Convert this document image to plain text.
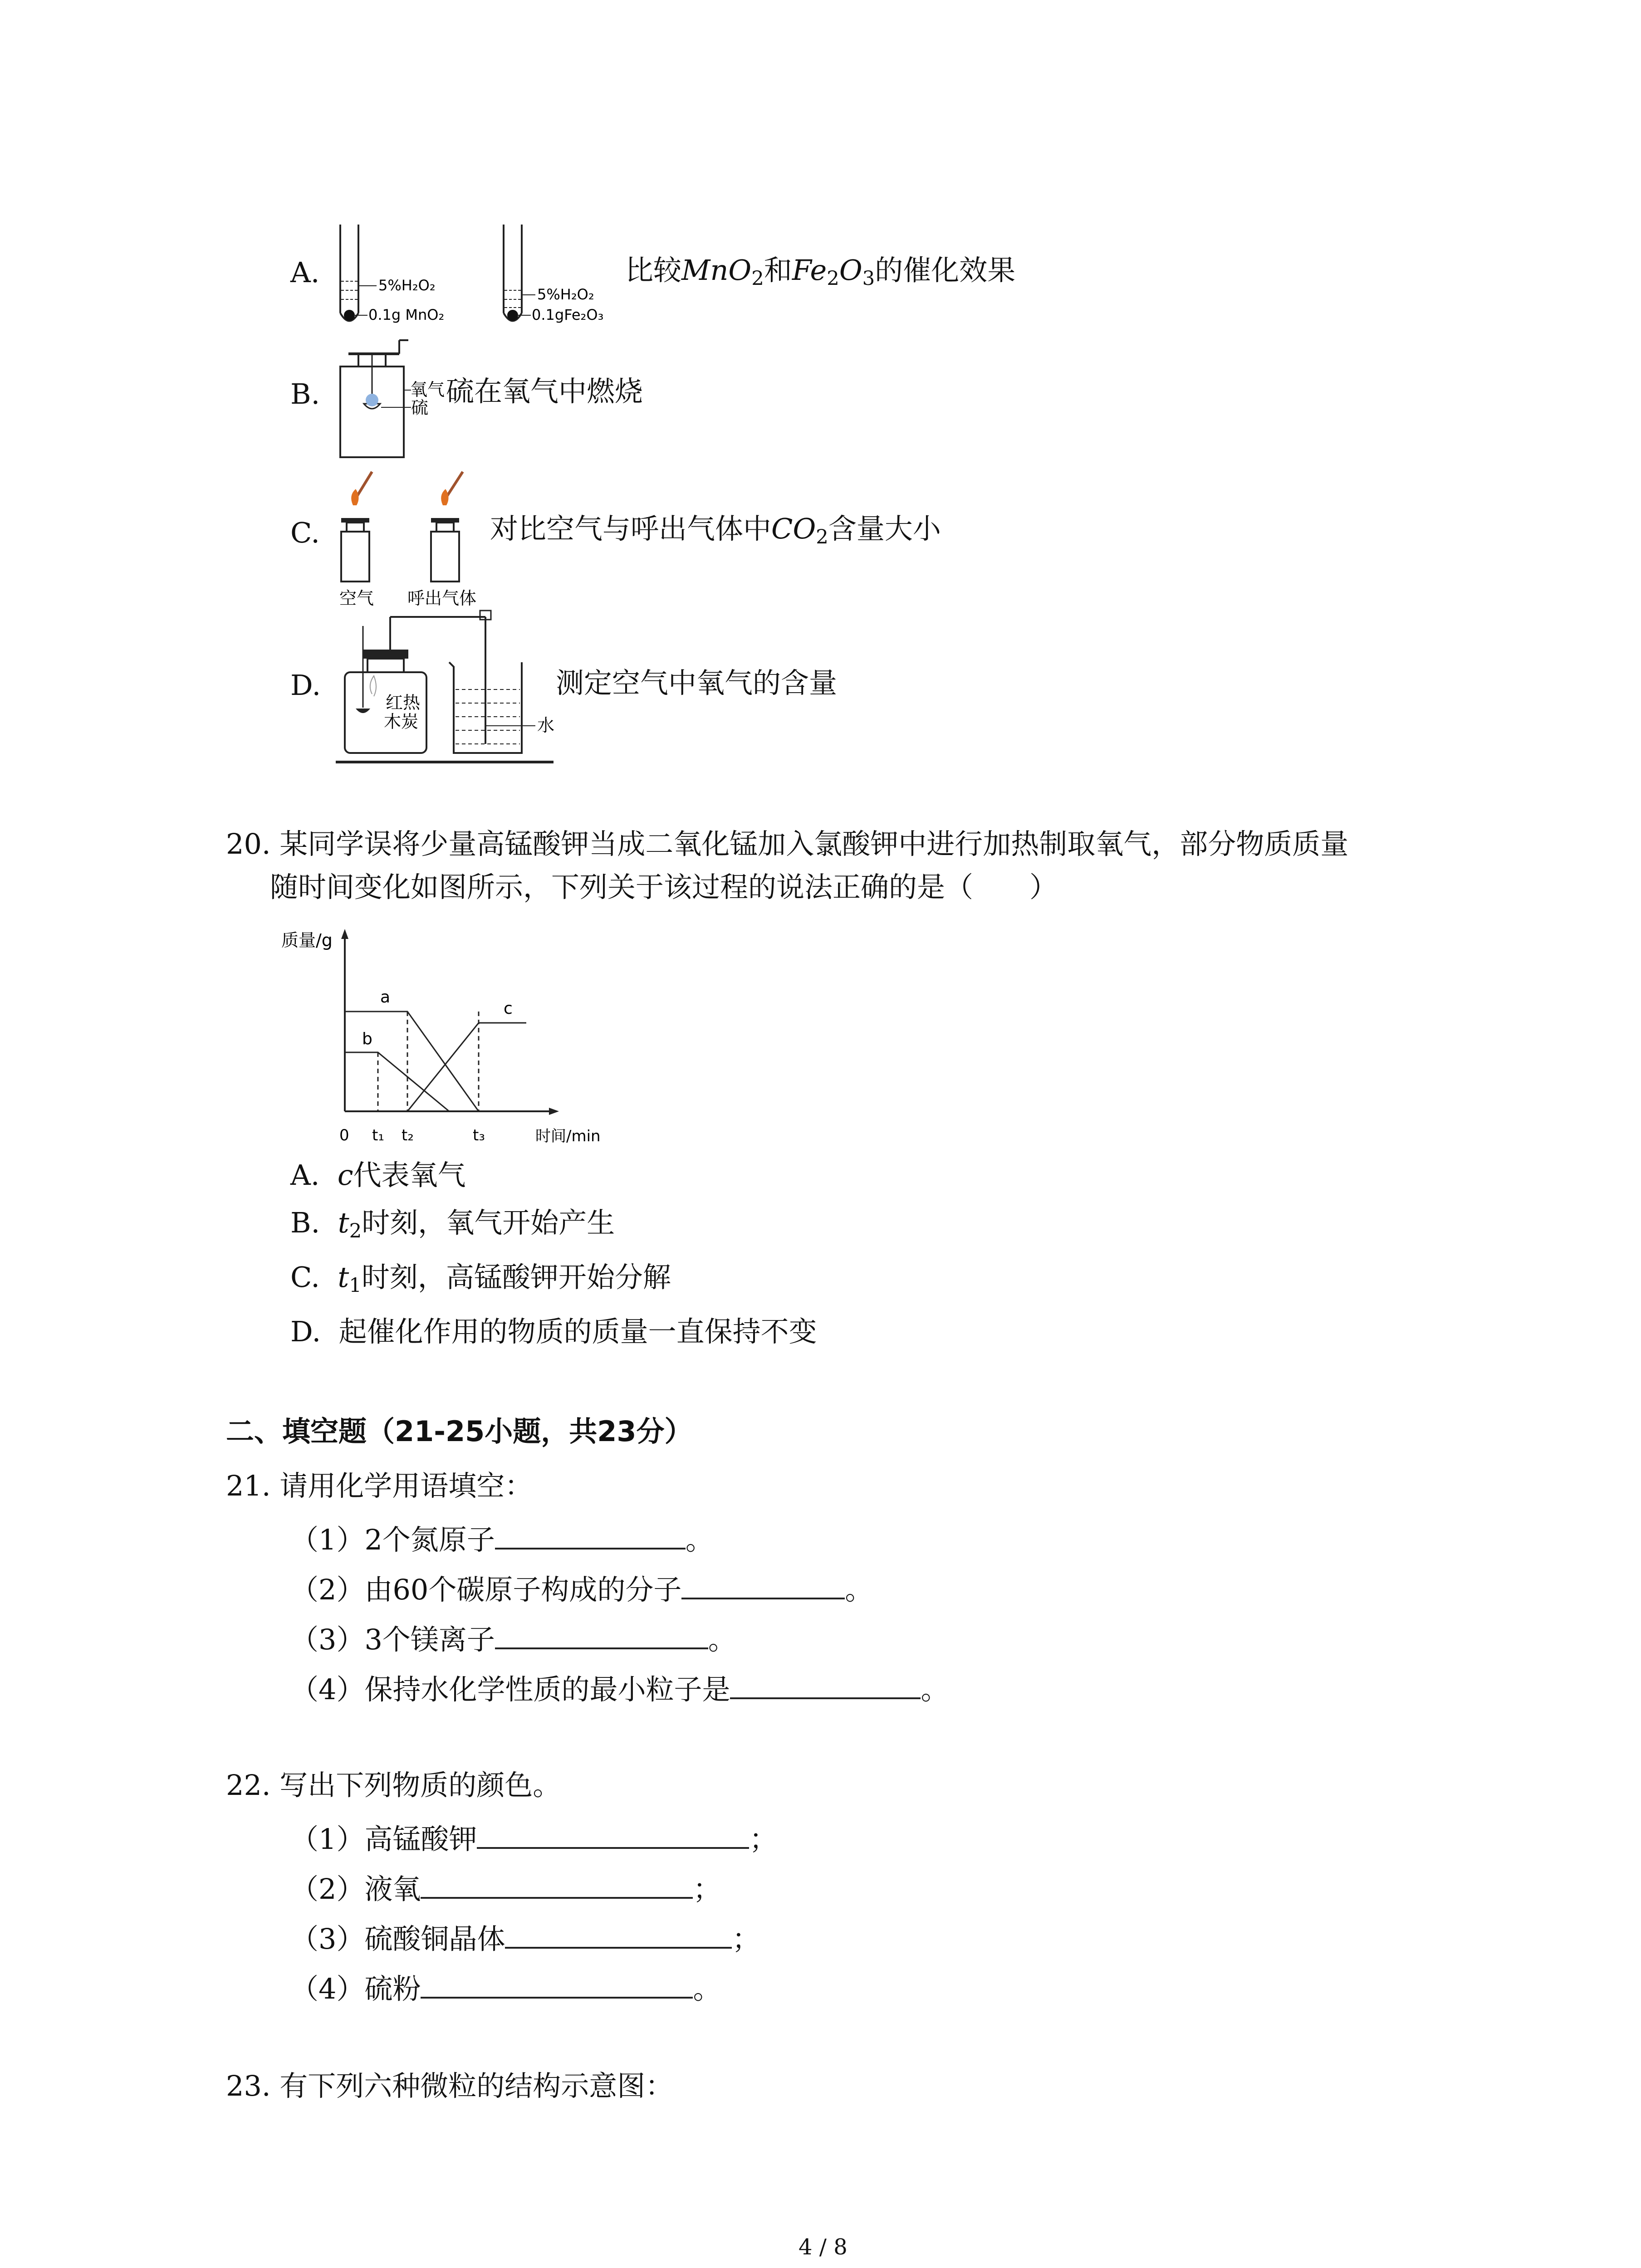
A.	5%H₂O₂
0.1g MnO₂
5%H₂O₂
0.1gFe₂O₃
比较MnO$_2$和$Fe_2O_3$的催化效果
B.	氧气
硫 硫在氧气中燃烧
C.
空气 呼出气体
对比空气与呼出气体中$CO_2$含量大小
D.
红热
木炭	水
测定空气中氧气的含量
20. 某同学误将少量高锰酸钾当成二氧化锰加入氯酸钾中进行加热制取氧气，部分物质质量
随时间变化如图所示，下列关于该过程的说法正确的是（　　）
质量/g
时间/min
0 t₁ t₂	t₃
a
b
c
A. c代表氧气
B. $t_2$时刻，氧气开始产生
C. $t_1$时刻，高锰酸钾开始分解
D. 起催化作用的物质的质量一直保持不变
二、填空题（21-25小题，共23分）
21. 请用化学用语填空：
（1）2个氮原子	。
（2）由60个碳原子构成的分子	。
（3）3个镁离子	。
（4）保持水化学性质的最小粒子是	。
22. 写出下列物质的颜色。
（1）高锰酸钾	；
（2）液氧	；
（3）硫酸铜晶体	；
（4）硫粉	。
23. 有下列六种微粒的结构示意图：
4 / 8
